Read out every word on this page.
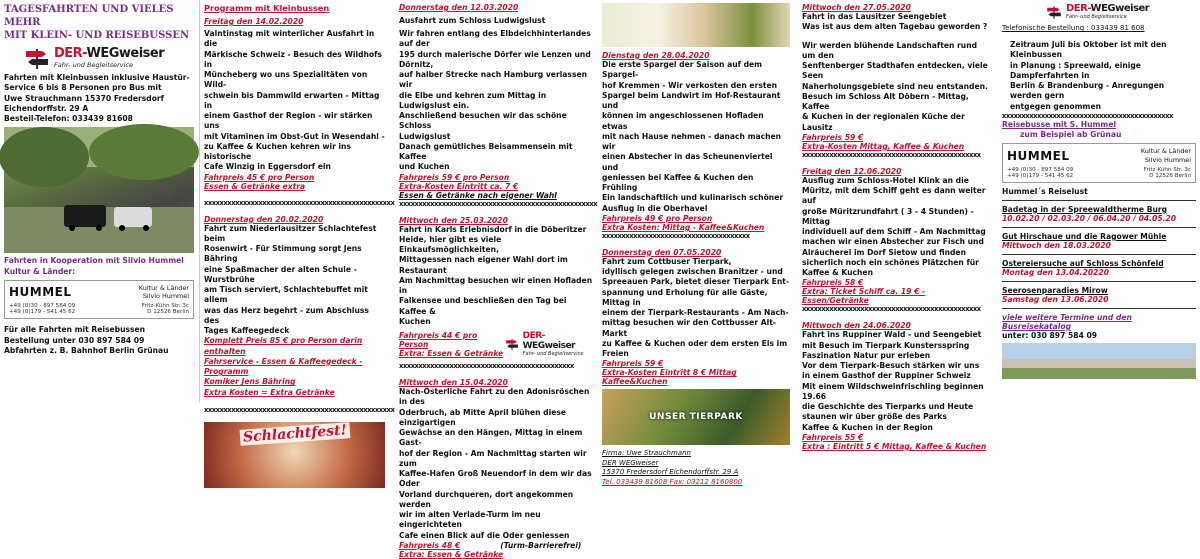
TAGESFAHRTEN UND VIELES MEHR
MIT KLEIN- UND REISEBUSSEN
DER-WEGweiser
Fahr- und Begleitservice
Fahrten mit Kleinbussen inklusive Haustür-
Service 6 bis 8 Personen pro Bus mit
Uwe Strauchmann 15370 Fredersdorf
Eichendorffstr. 29 A
Besteil-Telefon: 033439 81608
Fahrten in Kooperation mit Silvio Hummel
Kultur & Länder:
HUMMEL	Kultur & Länder
Silvio Hummel
+49 (0)30 - 897 584 09
+49 (0)179 - 541 45 62
Fritz-Kühn Str. 3c
D 12526 Berlin
Für alle Fahrten mit Reisebussen
Bestellung unter 030 897 584 09
Abfahrten z. B. Bahnhof Berlin Grünau
Programm mit Kleinbussen
Freitag den 14.02.2020
Valntinstag mit winterlicher Ausfahrt in die
Märkische Schweiz - Besuch des Wildhofs in
Müncheberg wo uns Spezialitäten von Wild-
schwein bis Dammwild erwarten - Mittag in
einem Gasthof der Region - wir stärken uns
mit Vitaminen im Obst-Gut in Wesendahl -
zu Kaffee & Kuchen kehren wir ins historische
Cafe Winzig in Eggersdorf ein
Fahrpreis 45 € pro Person
Essen & Getränke extra
xxxxxxxxxxxxxxxxxxxxxxxxxxxxxxxxxxxxxxxxxxxxxxxxx
Donnerstag den 20.02.2020
Fahrt zum Niederlausitzer Schlachtefest beim
Rosenwirt - Für Stimmung sorgt Jens Bähring
eine Spaßmacher der alten Schule - Wurstbrühe
am Tisch serviert, Schlachtebuffet mit allem
was das Herz begehrt - zum Abschluss des
Tages Kaffeegedeck
Komplett Preis 85 € pro Person darin enthalten
Fahrservice - Essen & Kaffeegedeck - Programm
Komiker Jens Bähring
Extra Kosten = Extra Getränke
xxxxxxxxxxxxxxxxxxxxxxxxxxxxxxxxxxxxxxxxxxxxxxxxx
Schlachtfest!
Donnerstag den 12.03.2020
Ausfahrt zum Schloss Ludwigslust
Wir fahren entlang des Elbdeichhinterlandes auf der
195 durch malerische Dörfer wie Lenzen und Dörnitz,
auf halber Strecke nach Hamburg verlassen wir
die Elbe und kehren zum Mittag in Ludwigslust ein.
Anschließend besuchen wir das schöne Schloss
Ludwigslust
Danach gemütliches Beisammensein mit Kaffee
und Kuchen
Fahrpreis 59 € pro Person
Extra-Kosten Eintritt ca. 7 €
Essen & Getränke nach eigener Wahl
xxxxxxxxxxxxxxxxxxxxxxxxxxxxxxxxxxxxxxxxxxxxxxxxxxx
Mittwoch den 25.03.2020
Fahrt in Karls Erlebnisdorf in die Döberitzer
Heide, hier gibt es viele Einkaufsmöglichkeiten,
Mittagessen nach eigener Wahl dort im Restaurant
Am Nachmittag besuchen wir einen Hofladen in
Falkensee und beschließen den Tag bei Kaffee &
Kuchen
Fahrpreis 44 € pro Person
Extra: Essen & Getränke
DER-WEGweiser
Fahr- und Begleitservice
xxxxxxxxxxxxxxxxxxxxxxxxxxxxxxxxxxxxxxxxxxxxx
Mittwoch den 15.04.2020
Nach-Österliche Fahrt zu den Adonisröschen in des
Oderbruch, ab Mitte April blühen diese einzigartigen
Gewächse an den Hängen, Mittag in einem Gast-
hof der Region - Am Nachmittag starten wir zum
Kaffee-Hafen Groß Neuendorf in dem wir das Oder
Vorland durchqueren, dort angekommen werden
wir im alten Verlade-Turm im neu eingerichteten
Cafe einen Blick auf die Oder geniessen
Fahrpreis 48 €	(Turm-Barrierefrei)
Extra: Essen & Getränke
Dienstag den 28.04.2020
Die erste Spargel der Saison auf dem Spargel-
hof Kremmen - Wir verkosten den ersten
Spargel beim Landwirt im Hof-Restaurant und
können im angeschlossenen Hofladen etwas
mit nach Hause nehmen - danach machen wir
einen Abstecher in das Scheunenviertel und
geniessen bei Kaffee & Kuchen den Frühling
Ein landschaftlich und kulinarisch schöner
Ausflug in die Oberhavel
Fahrpreis 49 € pro Person
Extra Kosten: Mittag - Kaffee&Kuchen
xxxxxxxxxxxxxxxxxxxxxxxxxxxxxxxxxxxxxx
Donnerstag den 07.05.2020
Fahrt zum Cottbuser Tierpark,
idyllisch gelegen zwischen Branitzer - und
Spreeauen Park, bietet dieser Tierpark Ent-
spannung und Erholung für alle Gäste, Mittag in
einem der Tierpark-Restaurants - Am Nach-
mittag besuchen wir den Cottbusser Alt-Markt
zu Kaffee & Kuchen oder dem ersten Eis im
Freien
Fahrpreis 59 €
Extra-Kosten Eintritt 8 € Mittag Kaffee&Kuchen
UNSER TIERPARK
Firma: Uwe Strauchmann
DER WEGweiser
15370 Fredersdorf Eichendorffstr. 29 A
Tel. 033439 81608 Fax: 03212 8160800
Mittwoch den 27.05.2020
Fahrt in das Lausitzer Seengebiet
Was ist aus dem alten Tagebau geworden ?
Wir werden blühende Landschaften rund um den
Senftenberger Stadthafen entdecken, viele Seen
Naherholungsgebiete sind neu entstanden.
Besuch im Schloss Alt Döbern - Mittag, Kaffee
& Kuchen in der regionalen Küche der
Lausitz
Fahrpreis 59 €
Extra-Kosten Mittag, Kaffee & Kuchen
xxxxxxxxxxxxxxxxxxxxxxxxxxxxxxxxxxxxxxxxxxxxxx
Freitag den 12.06.2020
Ausflug zum Schloss-Hotel Klink an die
Müritz, mit dem Schiff geht es dann weiter auf
große Müritzrundfahrt ( 3 - 4 Stunden) - Mittag
individuell auf dem Schiff - Am Nachmittag
machen wir einen Abstecher zur Fisch und
Alräucherei im Dorf Sietow und finden
sicherlich noch ein schönes Plätzchen für
Kaffee & Kuchen
Fahrpreis 58 €
Extra: Ticket Schiff ca. 19 € - Essen/Getränke
xxxxxxxxxxxxxxxxxxxxxxxxxxxxxxxxxxxxxxxxxxxxxx
Mittwoch den 24.06.2020
Fahrt ins Ruppiner Wald - und Seengebiet
mit Besuch im Tierpark Kunstersspring
Faszination Natur pur erleben
Vor dem Tierpark-Besuch stärken wir uns
in einem Gasthof der Ruppiner Schweiz
Mit einem Wildschweinfrischling beginnen 19.66
die Geschichte des Tierparks und Heute
staunen wir über größe des Parks
Kaffee & Kuchen in der Region
Fahrpreis 55 €
Extra : Eintritt 5 € Mittag, Kaffee & Kuchen
DER-WEGweiser
Fahr- und Begleitservice
Telefonische Bestellung : 033439 81 608
Zeitraum Juli bis Oktober ist mit den Kleinbussen
in Planung : Spreewald, einige Dampferfahrten in
Berlin & Brandenburg - Anregungen werden gern
entgegen genommen
xxxxxxxxxxxxxxxxxxxxxxxxxxxxxxxxxxxxxxxxxxxx
Reisebusse mit S. Hummel
zum Beispiel ab Grünau
HUMMEL	Kultur & Länder
Silvio Hummel
+49 (0)30 - 897 584 09
+49 (0)179 - 541 45 62
Fritz-Kühn Str. 3c
D 12526 Berlin
Hummel´s Reiselust
Badetag in der Spreewaldtherme Burg
10.02.20 / 02.03.20 / 06.04.20 / 04.05.20
Gut Hirschaue und die Ragower Mühle
Mittwoch den 18.03.2020
Ostereiersuche auf Schloss Schönfeld
Montag den 13.04.20220
Seerosenparadies Mirow
Samstag den 13.06.2020
viele weitere Termine und den Busreisekatalog
unter: 030 897 584 09
